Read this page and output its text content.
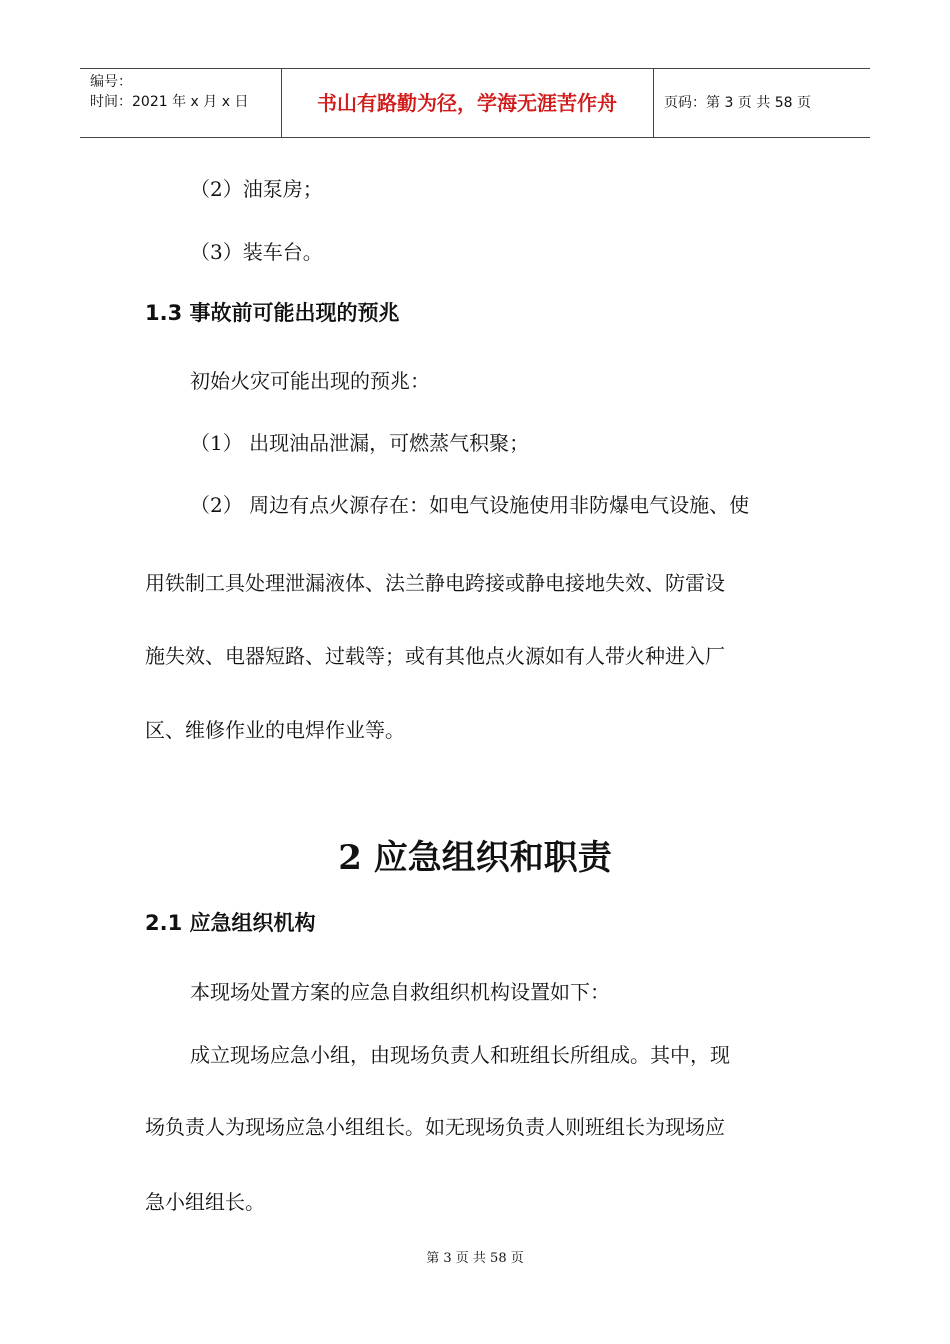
编号：
时间：2021 年 x 月 x 日	书山有路勤为径，学海无涯苦作舟	页码：第 3 页 共 58 页
（2）油泵房；
（3）装车台。
1.3 事故前可能出现的预兆
初始火灾可能出现的预兆：
（1） 出现油品泄漏，可燃蒸气积聚；
（2） 周边有点火源存在：如电气设施使用非防爆电气设施、使
用铁制工具处理泄漏液体、法兰静电跨接或静电接地失效、防雷设
施失效、电器短路、过载等；或有其他点火源如有人带火种进入厂
区、维修作业的电焊作业等。
2 应急组织和职责
2.1 应急组织机构
本现场处置方案的应急自救组织机构设置如下：
成立现场应急小组，由现场负责人和班组长所组成。其中，现
场负责人为现场应急小组组长。如无现场负责人则班组长为现场应
急小组组长。
第 3 页 共 58 页
